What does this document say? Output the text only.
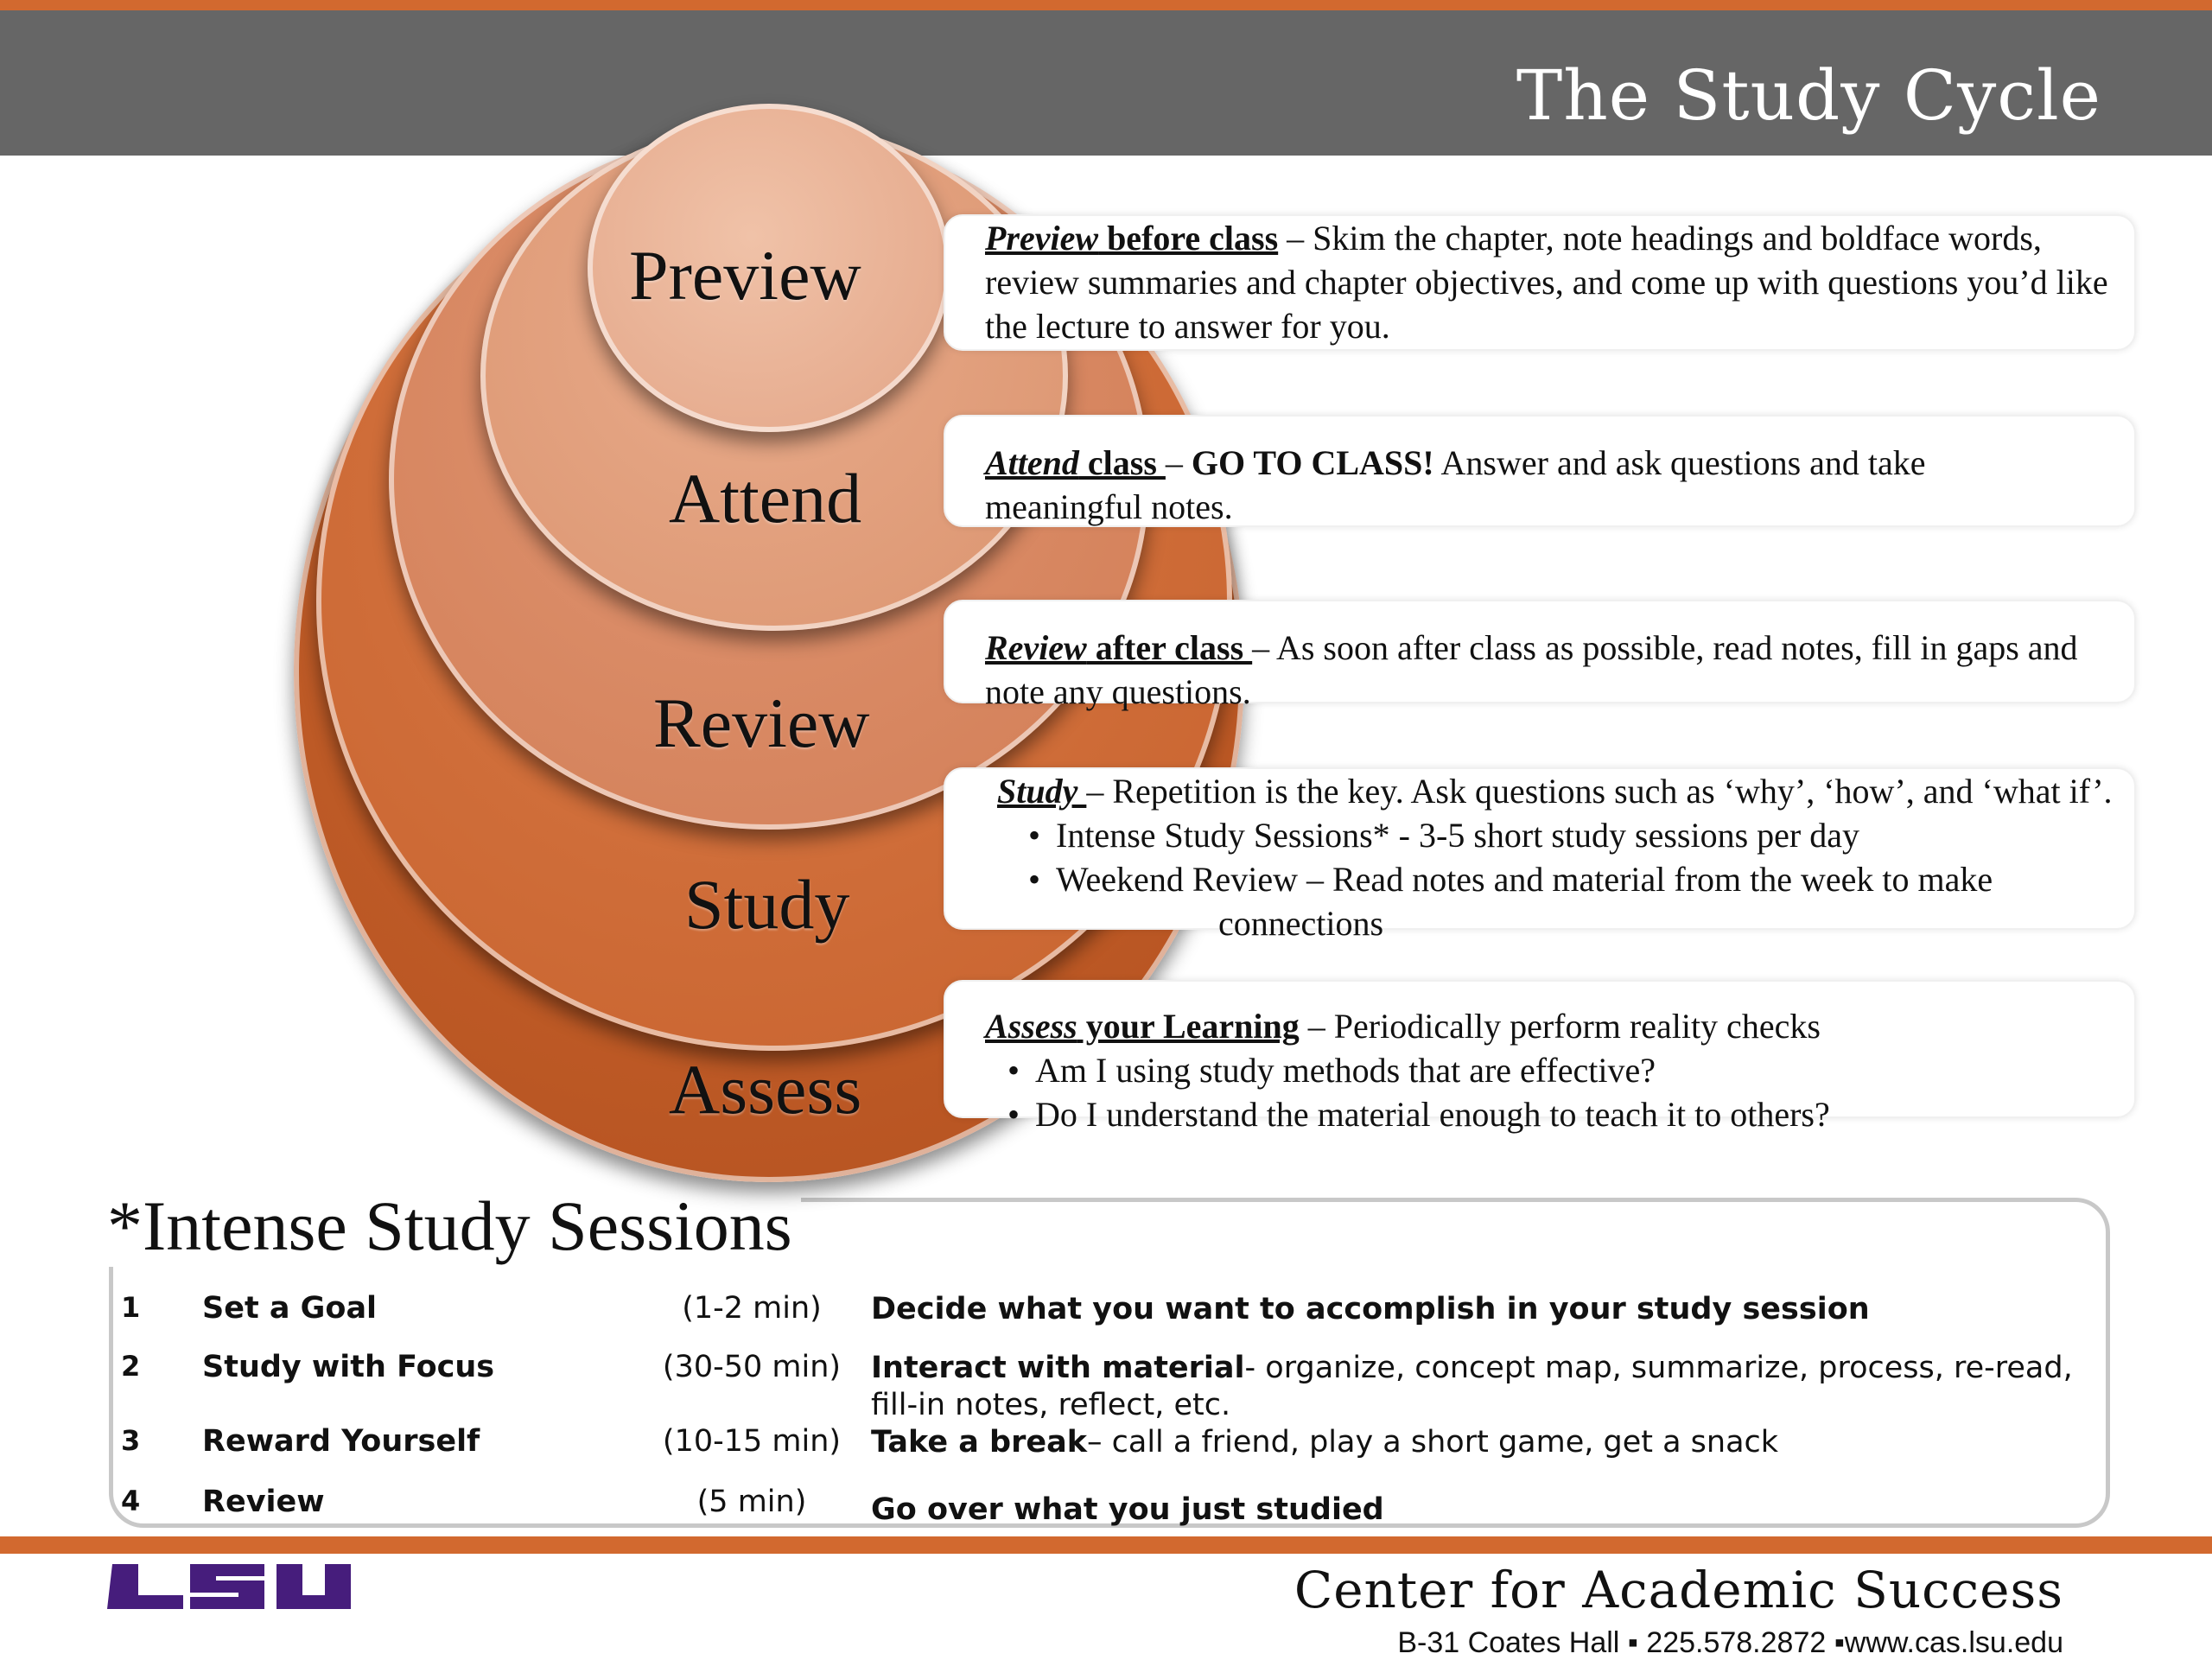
The Study Cycle
Preview
Attend
Review
Study
Assess
Preview before class – Skim the chapter, note headings and boldface words, review summaries and chapter objectives, and come up with questions you’d like the lecture to answer for you.
Attend class – GO TO CLASS! Answer and ask questions and take meaningful notes.
Review after class – As soon after class as possible, read notes, fill in gaps and note any questions.
Study – Repetition is the key. Ask questions such as ‘why’, ‘how’, and ‘what if’.
• Intense Study Sessions* - 3-5 short study sessions per day
• Weekend Review – Read notes and material from the week to make
connections
Assess your Learning – Periodically perform reality checks
• Am I using study methods that are effective?
• Do I understand the material enough to teach it to others?
*Intense Study Sessions
1 Set a Goal	(1-2 min)	Decide what you want to accomplish in your study session
2 Study with Focus	(30-50 min) Interact with material- organize, concept map, summarize, process, re-read, fill-in notes, reflect, etc.
3 Reward Yourself	(10-15 min) Take a break– call a friend, play a short game, get a snack
4 Review	(5 min)	Go over what you just studied
Center for Academic Success
B-31 Coates Hall ▪ 225.578.2872 ▪www.cas.lsu.edu
